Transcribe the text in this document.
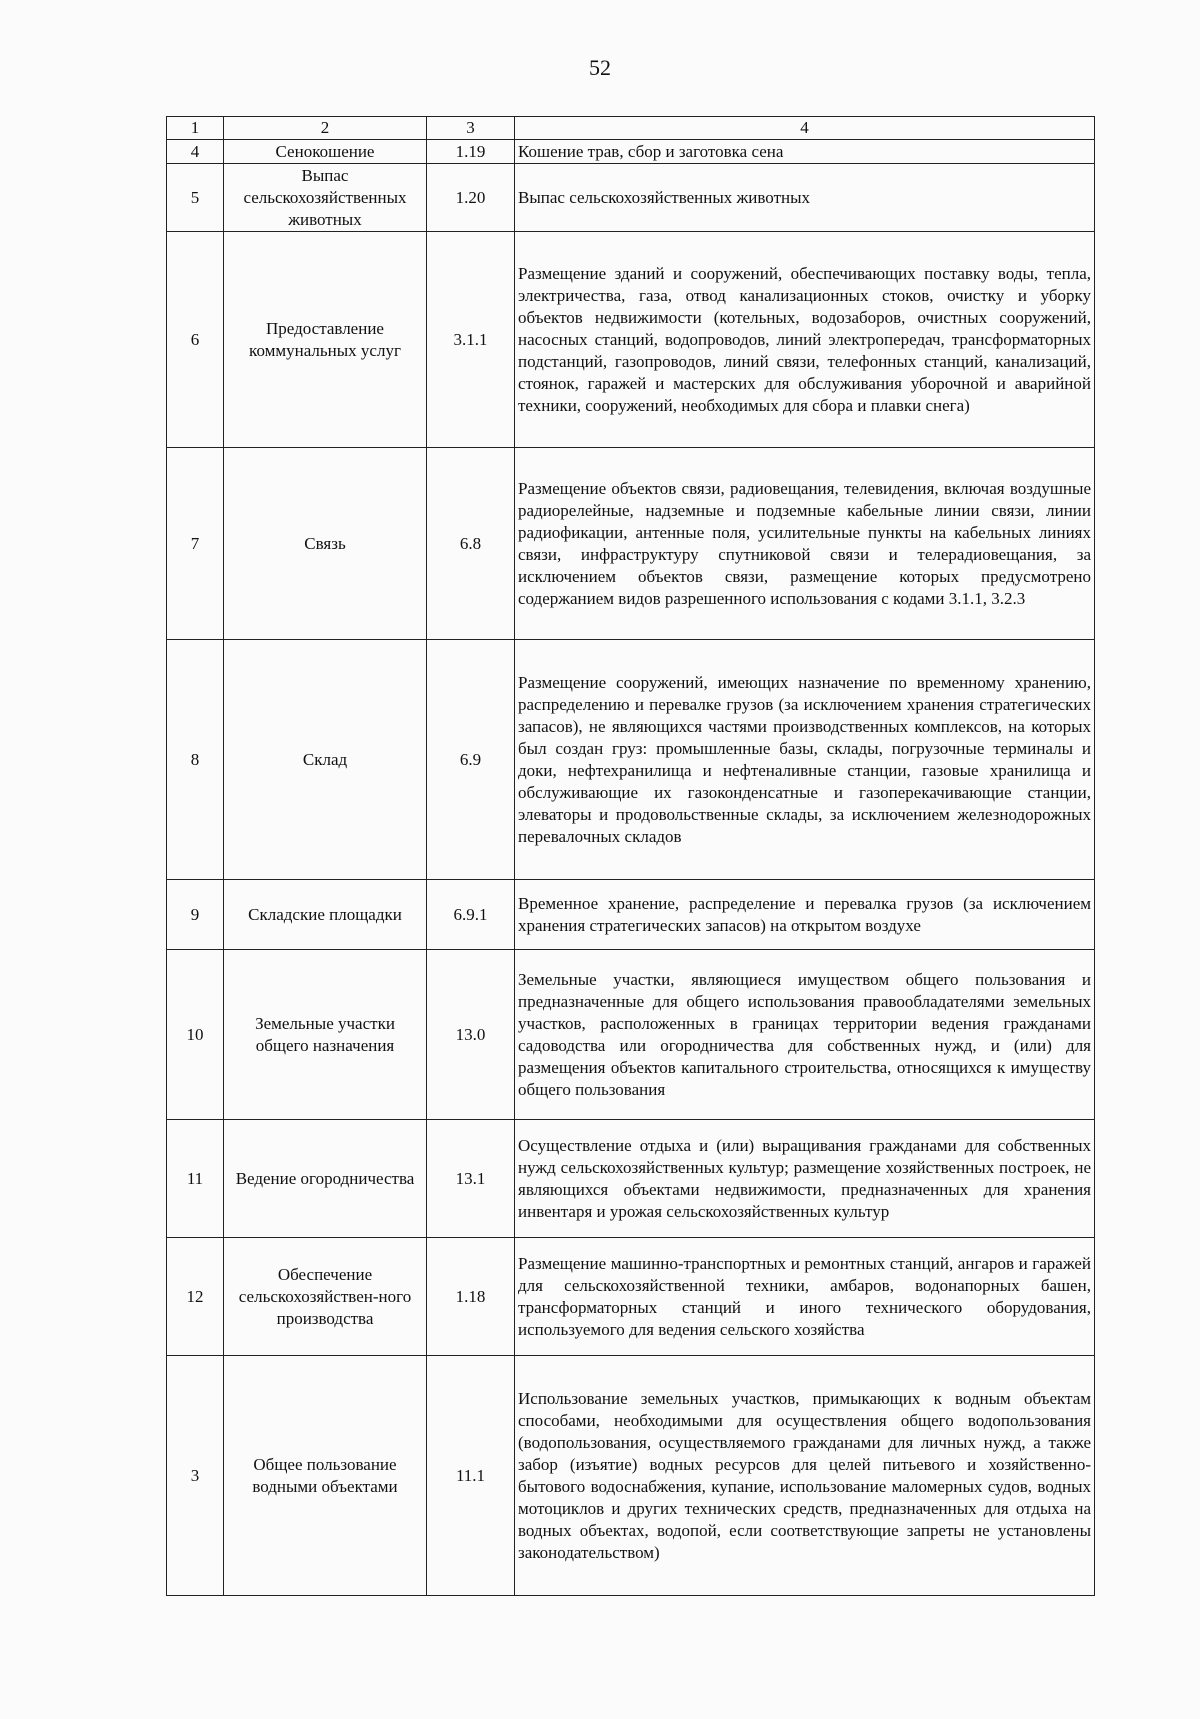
52
1	2	3	4
4	Сенокошение	1.19	Кошение трав, сбор и заготовка сена
5	Выпас сельскохозяйственных животных	1.20	Выпас сельскохозяйственных животных
6	Предоставление коммунальных услуг	3.1.1	Размещение зданий и сооружений, обеспечивающих поставку воды, тепла, электричества, газа, отвод канализационных стоков, очистку и уборку объектов недвижимости (котельных, водозаборов, очистных сооружений, насосных станций, водопроводов, линий электропередач, трансформаторных подстанций, газопроводов, линий связи, телефонных станций, канализаций, стоянок, гаражей и мастерских для обслуживания уборочной и аварийной техники, сооружений, необходимых для сбора и плавки снега)
7	Связь	6.8	Размещение объектов связи, радиовещания, телевидения, включая воздушные радиорелейные, надземные и подземные кабельные линии связи, линии радиофикации, антенные поля, усилительные пункты на кабельных линиях связи, инфраструктуру спутниковой связи и телерадиовещания, за исключением объектов связи, размещение которых предусмотрено содержанием видов разрешенного использования с кодами 3.1.1, 3.2.3
8	Склад	6.9	Размещение сооружений, имеющих назначение по временному хранению, распределению и перевалке грузов (за исключением хранения стратегических запасов), не являющихся частями производственных комплексов, на которых был создан груз: промышленные базы, склады, погрузочные терминалы и доки, нефтехранилища и нефтеналивные станции, газовые хранилища и обслуживающие их газоконденсатные и газоперекачивающие станции, элеваторы и продовольственные склады, за исключением железнодорожных перевалочных складов
9	Складские площадки	6.9.1	Временное хранение, распределение и перевалка грузов (за исключением хранения стратегических запасов) на открытом воздухе
10	Земельные участки общего назначения	13.0	Земельные участки, являющиеся имуществом общего пользования и предназначенные для общего использования правообладателями земельных участков, расположенных в границах территории ведения гражданами садоводства или огородничества для собственных нужд, и (или) для размещения объектов капитального строительства, относящихся к имуществу общего пользования
11	Ведение огородничества	13.1	Осуществление отдыха и (или) выращивания гражданами для собственных нужд сельскохозяйственных культур; размещение хозяйственных построек, не являющихся объектами недвижимости, предназначенных для хранения инвентаря и урожая сельскохозяйственных культур
12	Обеспечение сельскохозяйствен-ного производства	1.18	Размещение машинно-транспортных и ремонтных станций, ангаров и гаражей для сельскохозяйственной техники, амбаров, водонапорных башен, трансформаторных станций и иного технического оборудования, используемого для ведения сельского хозяйства
3	Общее пользование водными объектами	11.1	Использование земельных участков, примыкающих к водным объектам способами, необходимыми для осуществления общего водопользования (водопользования, осуществляемого гражданами для личных нужд, а также забор (изъятие) водных ресурсов для целей питьевого и хозяйственно-бытового водоснабжения, купание, использование маломерных судов, водных мотоциклов и других технических средств, предназначенных для отдыха на водных объектах, водопой, если соответствующие запреты не установлены законодательством)
